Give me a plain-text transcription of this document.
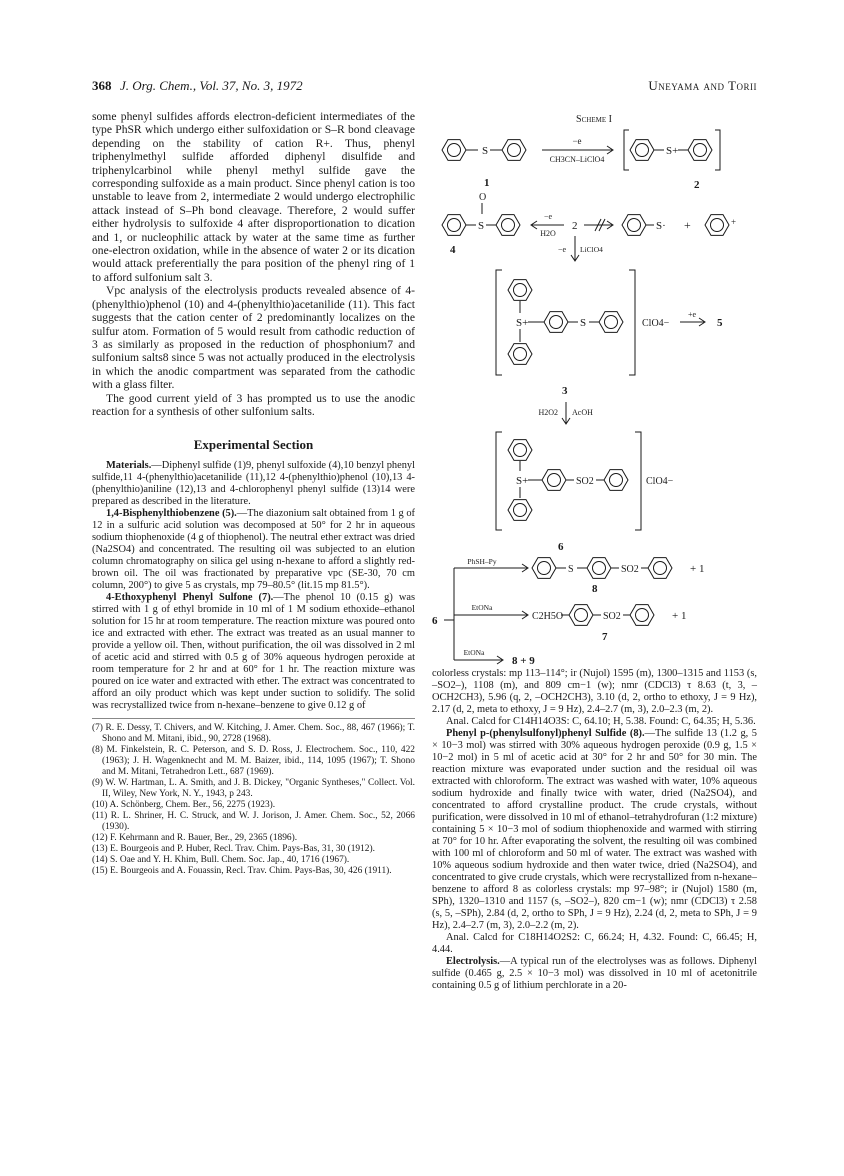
368 J. Org. Chem., Vol. 37, No. 3, 1972	Uneyama and Torii

some phenyl sulfides affords electron-deficient intermediates of the type PhSR which undergo either sulfoxidation or S–R bond cleavage depending on the stability of cation R+. Thus, phenyl triphenylmethyl sulfide afforded diphenyl disulfide and triphenylcarbinol while phenyl methyl sulfide gave the corresponding sulfoxide as a main product. Since phenyl cation is too unstable to leave from 2, intermediate 2 would undergo electrophilic attack instead of S–Ph bond cleavage. Therefore, 2 would suffer either hydrolysis to sulfoxide 4 after disproportionation to dication and 1, or nucleophilic attack by water at the same time as further one-electron oxidation, while in the absence of water 2 or its dication would attack preferentially the para position of the phenyl ring of 1 to afford sulfonium salt 3.

Vpc analysis of the electrolysis products revealed absence of 4-(phenylthio)phenol (10) and 4-(phenylthio)acetanilide (11). This fact suggests that the cation center of 2 predominantly localizes on the sulfur atom. Formation of 5 would result from cathodic reduction of 3 as similarly as proposed in the reduction of phosphonium7 and sulfonium salts8 since 5 was not actually produced in the electrolysis in which the anodic compartment was separated from the cathodic with a glass filter.

The good current yield of 3 has prompted us to use the anodic reaction for a synthesis of other sulfonium salts.

Experimental Section

Materials.—Diphenyl sulfide (1)9, phenyl sulfoxide (4),10 benzyl phenyl sulfide,11 4-(phenylthio)acetanilide (11),12 4-(phenylthio)phenol (10),13 4-(phenylthio)aniline (12),13 and 4-chlorophenyl phenyl sulfide (13)14 were prepared as described in the literature.

1,4-Bisphenylthiobenzene (5).—The diazonium salt obtained from 1 g of 12 in a sulfuric acid solution was decomposed at 50° for 2 hr in aqueous sodium thiophenoxide (4 g of thiophenol). The neutral ether extract was dried (Na2SO4) and concentrated. The resulting oil was subjected to an elution column chromatography on silica gel using n-hexane to afford a slightly red-brown oil. The oil was fractionated by preparative vpc (SE-30, 70 cm column, 200°) to give 5 as crystals, mp 79–80.5° (lit.15 mp 81.5°).

4-Ethoxyphenyl Phenyl Sulfone (7).—The phenol 10 (0.15 g) was stirred with 1 g of ethyl bromide in 10 ml of 1 M sodium ethoxide–ethanol solution for 15 hr at room temperature. The reaction mixture was poured onto ice and extracted with ether. The extract was treated as an usual manner to provide a yellow oil. Then, without purification, the oil was dissolved in 2 ml of acetic acid and stirred with 0.5 g of 30% aqueous hydrogen peroxide at room temperature for 2 hr and at 60° for 1 hr. The reaction mixture was poured on ice water and extracted with ether. The extract was concentrated to afford an oily product which was kept under suction to solidify. The solid was recrystallized twice from n-hexane–benzene to give 0.12 g of

(7) R. E. Dessy, T. Chivers, and W. Kitching, J. Amer. Chem. Soc., 88, 467 (1966); T. Shono and M. Mitani, ibid., 90, 2728 (1968).
(8) M. Finkelstein, R. C. Peterson, and S. D. Ross, J. Electrochem. Soc., 110, 422 (1963); J. H. Wagenknecht and M. M. Baizer, ibid., 114, 1095 (1967); T. Shono and M. Mitani, Tetrahedron Lett., 687 (1969).
(9) W. W. Hartman, L. A. Smith, and J. B. Dickey, "Organic Syntheses," Collect. Vol. II, Wiley, New York, N. Y., 1943, p 243.
(10) A. Schönberg, Chem. Ber., 56, 2275 (1923).
(11) R. L. Shriner, H. C. Struck, and W. J. Jorison, J. Amer. Chem. Soc., 52, 2066 (1930).
(12) F. Kehrmann and R. Bauer, Ber., 29, 2365 (1896).
(13) E. Bourgeois and P. Huber, Recl. Trav. Chim. Pays-Bas, 31, 30 (1912).
(14) S. Oae and Y. H. Khim, Bull. Chem. Soc. Jap., 40, 1716 (1967).
(15) E. Bourgeois and A. Fouassin, Recl. Trav. Chim. Pays-Bas, 30, 426 (1911).
Scheme I
S
1
−e
CH3CN–LiClO4
S+
2
O
S
4
−e
H2O
2
−e LiClO4
S· +	+
S+	S	ClO4−
+e
5
3
H2O2 AcOH
S+	SO2	ClO4−
6
6
PhSH–Py
S	SO2	+ 1
8
EtONa
C2H5O	SO2	+ 1
7
EtONa
8 + 9

colorless crystals: mp 113–114°; ir (Nujol) 1595 (m), 1300–1315 and 1153 (s, –SO2–), 1108 (m), and 809 cm−1 (w); nmr (CDCl3) τ 8.63 (t, 3, –OCH2CH3), 5.96 (q, 2, –OCH2CH3), 3.10 (d, 2, ortho to ethoxy, J = 9 Hz), 2.17 (d, 2, meta to ethoxy, J = 9 Hz), 2.4–2.7 (m, 3), 2.0–2.3 (m, 2).

Anal. Calcd for C14H14O3S: C, 64.10; H, 5.38. Found: C, 64.35; H, 5.36.

Phenyl p-(phenylsulfonyl)phenyl Sulfide (8).—The sulfide 13 (1.2 g, 5 × 10−3 mol) was stirred with 30% aqueous hydrogen peroxide (0.9 g, 1.5 × 10−2 mol) in 5 ml of acetic acid at 30° for 2 hr and 50° for 30 min. The reaction mixture was evaporated under suction and the residual oil was extracted with chloroform. The extract was washed with water, 10% aqueous sodium hydroxide and finally twice with water, dried (Na2SO4), and concentrated to afford crystalline product. The crude crystals, without purification, were dissolved in 10 ml of ethanol–tetrahydrofuran (1:2 mixture) containing 5 × 10−3 mol of sodium thiophenoxide and warmed with stirring at 70° for 10 hr. After evaporating the solvent, the resulting oil was combined with 100 ml of chloroform and 50 ml of water. The extract was washed with 10% aqueous sodium hydroxide and then water twice, dried (Na2SO4), and concentrated to give crude crystals, which were recrystallized from n-hexane–benzene to afford 8 as colorless crystals: mp 97–98°; ir (Nujol) 1580 (m, SPh), 1320–1310 and 1157 (s, –SO2–), 820 cm−1 (w); nmr (CDCl3) τ 2.58 (s, 5, –SPh), 2.84 (d, 2, ortho to SPh, J = 9 Hz), 2.24 (d, 2, meta to SPh, J = 9 Hz), 2.4–2.7 (m, 3), 2.0–2.2 (m, 2).

Anal. Calcd for C18H14O2S2: C, 66.24; H, 4.32. Found: C, 66.45; H, 4.44.

Electrolysis.—A typical run of the electrolyses was as follows. Diphenyl sulfide (0.465 g, 2.5 × 10−3 mol) was dissolved in 10 ml of acetonitrile containing 0.5 g of lithium perchlorate in a 20-
